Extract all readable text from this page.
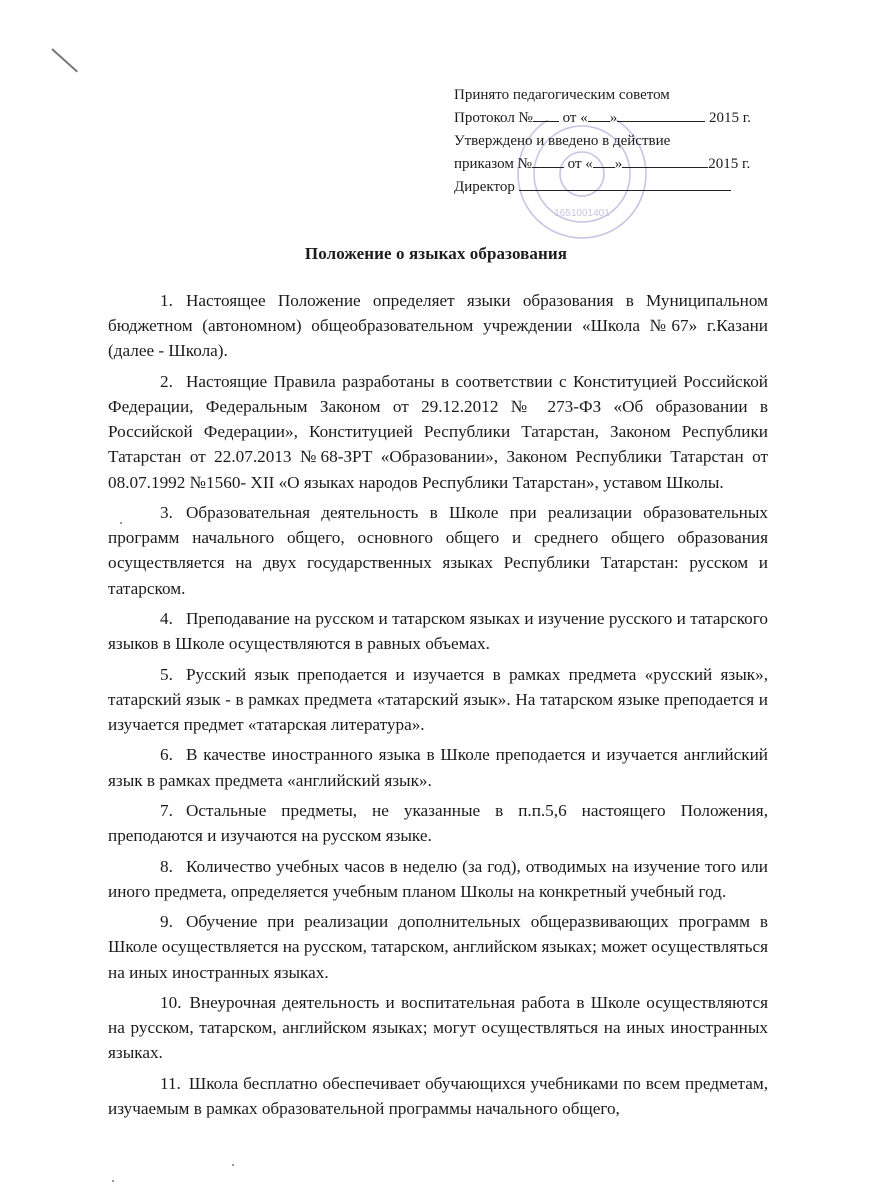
1651001401
Принято педагогическим советом
Протокол № от « »	2015 г.
Утверждено и введено в действие
приказом № от « »	2015 г.
Директор
Положение о языках образования

1. Настоящее Положение определяет языки образования в Муниципальном бюджетном (автономном) общеобразовательном учреждении «Школа №67» г.Казани (далее - Школа).

2. Настоящие Правила разработаны в соответствии с Конституцией Российской Федерации, Федеральным Законом от 29.12.2012 № 273-ФЗ «Об образовании в Российской Федерации», Конституцией Республики Татарстан, Законом Республики Татарстан от 22.07.2013 №68-ЗРТ «Образовании», Законом Республики Татарстан от 08.07.1992 №1560- XII «О языках народов Республики Татарстан», уставом Школы.

3. Образовательная деятельность в Школе при реализации образовательных программ начального общего, основного общего и среднего общего образования осуществляется на двух государственных языках Республики Татарстан: русском и татарском.

4. Преподавание на русском и татарском языках и изучение русского и татарского языков в Школе осуществляются в равных объемах.

5. Русский язык преподается и изучается в рамках предмета «русский язык», татарский язык - в рамках предмета «татарский язык». На татарском языке преподается и изучается предмет «татарская литература».

6. В качестве иностранного языка в Школе преподается и изучается английский язык в рамках предмета «английский язык».

7. Остальные предметы, не указанные в п.п.5,6 настоящего Положения, преподаются и изучаются на русском языке.

8. Количество учебных часов в неделю (за год), отводимых на изучение того или иного предмета, определяется учебным планом Школы на конкретный учебный год.

9. Обучение при реализации дополнительных общеразвивающих программ в Школе осуществляется на русском, татарском, английском языках; может осуществляться на иных иностранных языках.

10. Внеурочная деятельность и воспитательная работа в Школе осуществляются на русском, татарском, английском языках; могут осуществляться на иных иностранных языках.

11. Школа бесплатно обеспечивает обучающихся учебниками по всем предметам, изучаемым в рамках образовательной программы начального общего,
